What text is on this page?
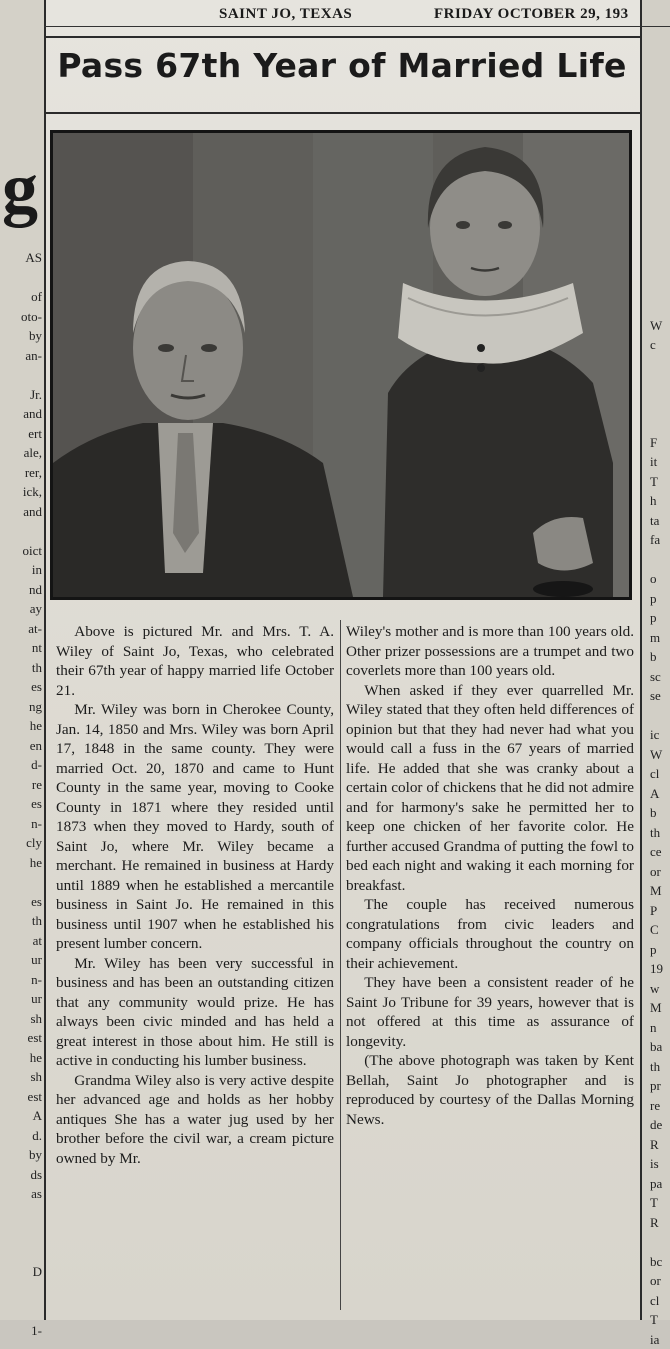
g
AS

of
oto-
by
an-

Jr.
and
ert
ale,
rer,
ick,
and

oict
in
nd
ay
at-
nt
th
es
ng
he
en
d-
re
es
n-
cly
he

es
th
at
ur
n-
ur
sh
est
he
sh
est
A
d.
by
ds
as

D

1-

W
c

F
it
T
h
ta
fa

o
p
p
m
b
sc
se

ic
W
cl
A
b
th
ce
or
M
P
C
p
19
w
M
n
ba
th
pr
re
de
R
is
pa
T
R

bc
or
cl
T
ia
SAINT JO, TEXAS	FRIDAY OCTOBER 29, 193
Pass 67th Year of Married Life

Above is pictured Mr. and Mrs. T. A. Wiley of Saint Jo, Texas, who celebrated their 67th year of happy married life October 21.

Mr. Wiley was born in Cherokee County, Jan. 14, 1850 and Mrs. Wiley was born April 17, 1848 in the same county. They were married Oct. 20, 1870 and came to Hunt County in the same year, moving to Cooke County in 1871 where they resided until 1873 when they moved to Hardy, south of Saint Jo, where Mr. Wiley became a merchant. He remained in business at Hardy until 1889 when he established a mercantile business in Saint Jo. He remained in this business until 1907 when he established his present lumber concern.

Mr. Wiley has been very successful in business and has been an outstanding citizen that any community would prize. He has always been civic minded and has held a great interest in those about him. He still is active in conducting his lumber business.

Grandma Wiley also is very active despite her advanced age and holds as her hobby antiques She has a water jug used by her brother before the civil war, a cream picture owned by Mr.

Wiley's mother and is more than 100 years old. Other prizer possessions are a trumpet and two coverlets more than 100 years old.

When asked if they ever quarrelled Mr. Wiley stated that they often held differences of opinion but that they had never had what you would call a fuss in the 67 years of married life. He added that she was cranky about a certain color of chickens that he did not admire and for harmony's sake he permitted her to keep one chicken of her favorite color. He further accused Grandma of putting the fowl to bed each night and waking it each morning for breakfast.

The couple has received numerous congratulations from civic leaders and company officials throughout the country on their achievement.

They have been a consistent reader of he Saint Jo Tribune for 39 years, however that is not offered at this time as assurance of longevity.

(The above photograph was taken by Kent Bellah, Saint Jo photographer and is reproduced by courtesy of the Dallas Morning News.
